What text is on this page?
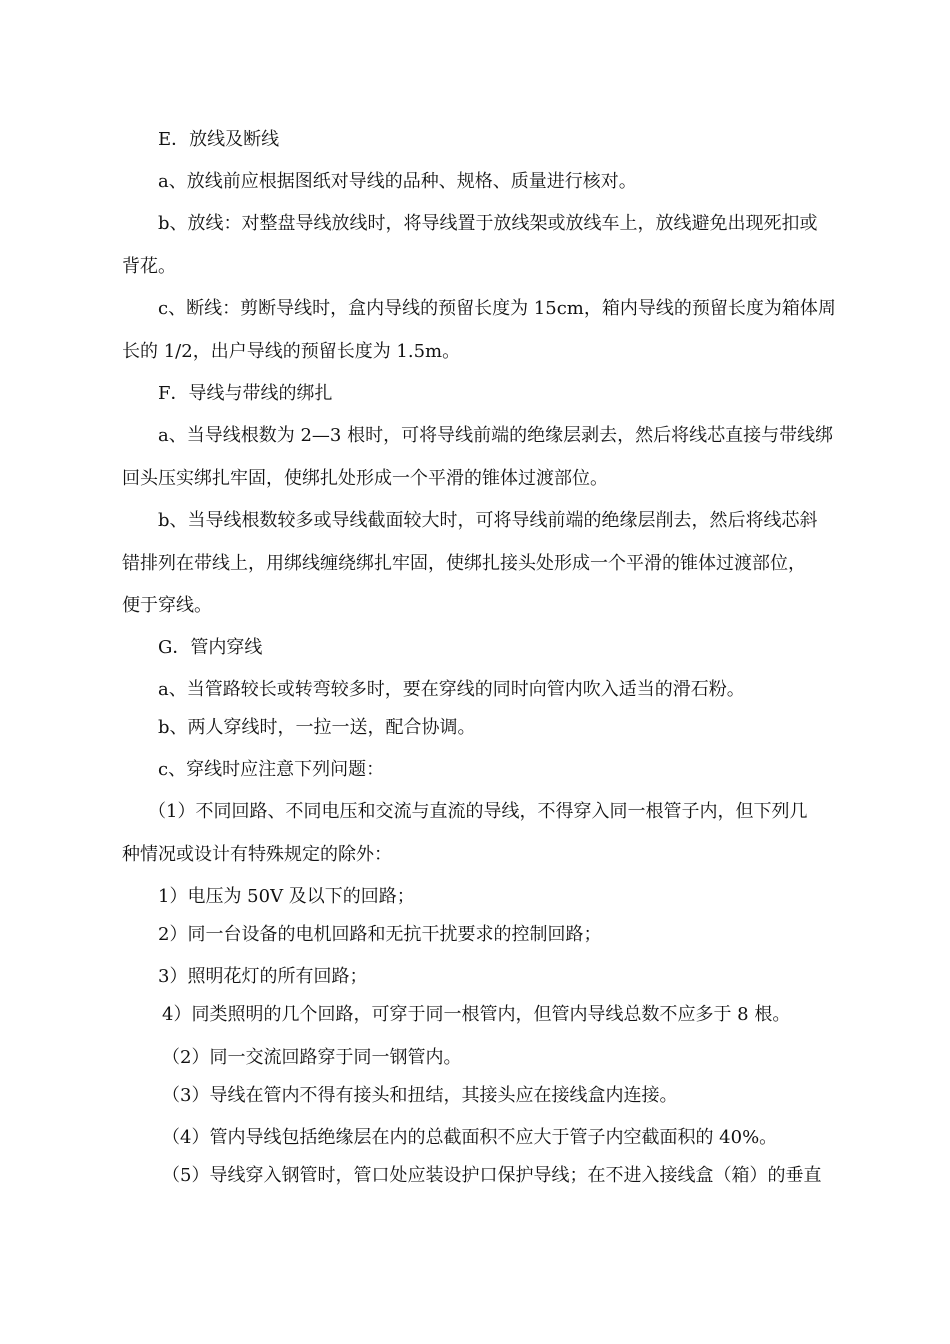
E．放线及断线
a、放线前应根据图纸对导线的品种、规格、质量进行核对。
b、放线：对整盘导线放线时，将导线置于放线架或放线车上，放线避免出现死扣或
背花。
c、断线：剪断导线时，盒内导线的预留长度为 15cm，箱内导线的预留长度为箱体周
长的 1/2，出户导线的预留长度为 1.5m。
F．导线与带线的绑扎
a、当导线根数为 2—3 根时，可将导线前端的绝缘层剥去，然后将线芯直接与带线绑
回头压实绑扎牢固，使绑扎处形成一个平滑的锥体过渡部位。
b、当导线根数较多或导线截面较大时，可将导线前端的绝缘层削去，然后将线芯斜
错排列在带线上，用绑线缠绕绑扎牢固，使绑扎接头处形成一个平滑的锥体过渡部位，
便于穿线。
G．管内穿线
a、当管路较长或转弯较多时，要在穿线的同时向管内吹入适当的滑石粉。
b、两人穿线时，一拉一送，配合协调。
c、穿线时应注意下列问题：
（1）不同回路、不同电压和交流与直流的导线，不得穿入同一根管子内，但下列几
种情况或设计有特殊规定的除外：
1）电压为 50V 及以下的回路；
2）同一台设备的电机回路和无抗干扰要求的控制回路；
3）照明花灯的所有回路；
4）同类照明的几个回路，可穿于同一根管内，但管内导线总数不应多于 8 根。
（2）同一交流回路穿于同一钢管内。
（3）导线在管内不得有接头和扭结，其接头应在接线盒内连接。
（4）管内导线包括绝缘层在内的总截面积不应大于管子内空截面积的 40%。
（5）导线穿入钢管时，管口处应装设护口保护导线；在不进入接线盒（箱）的垂直
